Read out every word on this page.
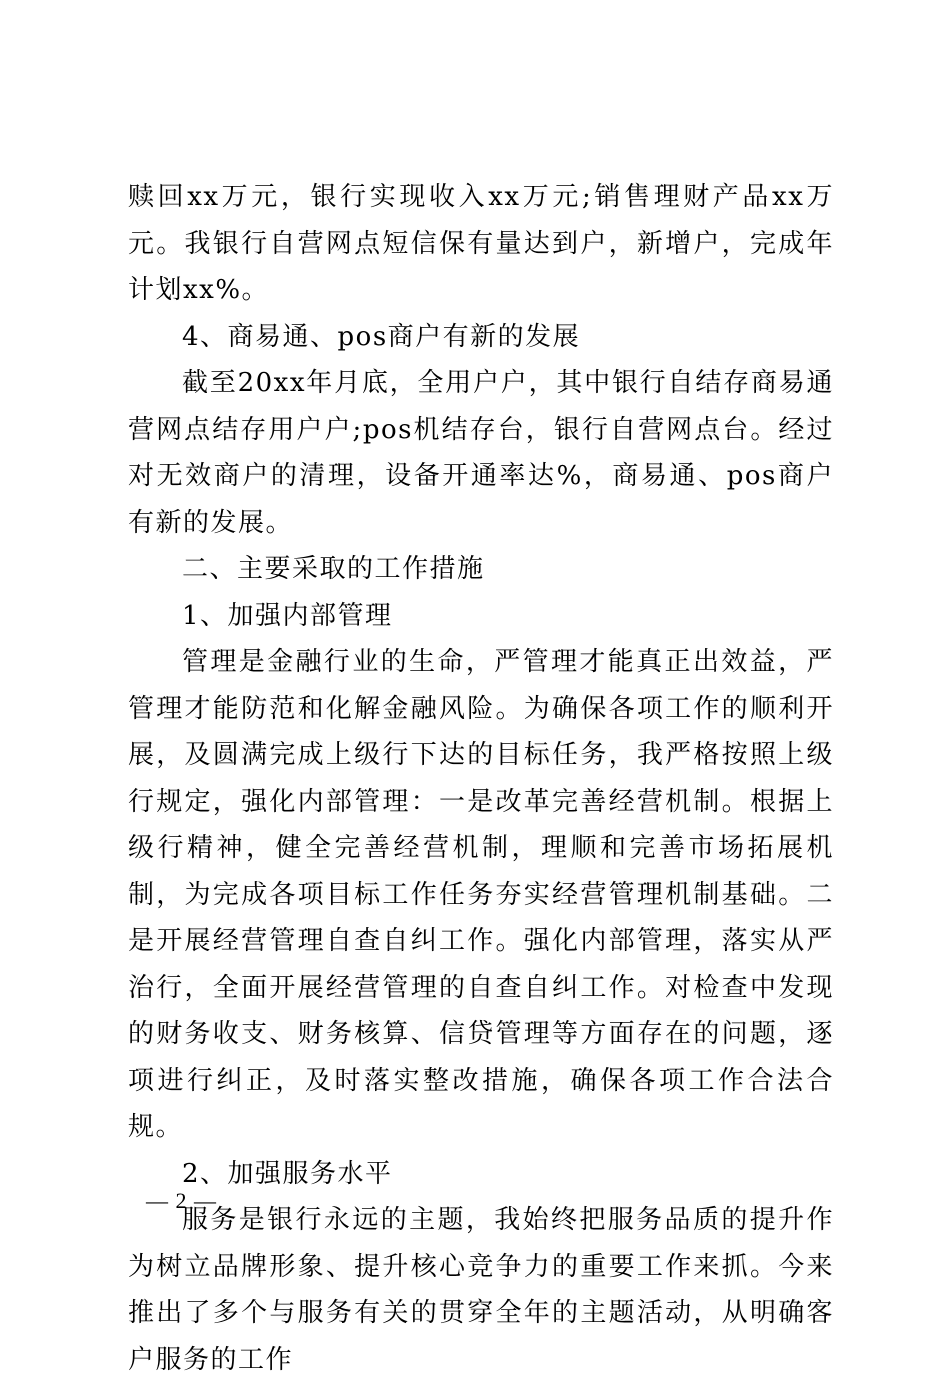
赎回xx万元，银行实现收入xx万元;销售理财产品xx万元。我银行自营网点短信保有量达到户，新增户，完成年计划xx%。

4、商易通、pos商户有新的发展

截至20xx年月底，全用户户，其中银行自结存商易通营网点结存用户户;pos机结存台，银行自营网点台。经过对无效商户的清理，设备开通率达%，商易通、pos商户有新的发展。

二、主要采取的工作措施

1、加强内部管理

管理是金融行业的生命，严管理才能真正出效益，严管理才能防范和化解金融风险。为确保各项工作的顺利开展，及圆满完成上级行下达的目标任务，我严格按照上级行规定，强化内部管理：一是改革完善经营机制。根据上级行精神，健全完善经营机制，理顺和完善市场拓展机制，为完成各项目标工作任务夯实经营管理机制基础。二是开展经营管理自查自纠工作。强化内部管理，落实从严治行，全面开展经营管理的自查自纠工作。对检查中发现的财务收支、财务核算、信贷管理等方面存在的问题，逐项进行纠正，及时落实整改措施，确保各项工作合法合规。

2、加强服务水平

服务是银行永远的主题，我始终把服务品质的提升作为树立品牌形象、提升核心竞争力的重要工作来抓。今来推出了多个与服务有关的贯穿全年的主题活动，从明确客户服务的工作

— 2 —
